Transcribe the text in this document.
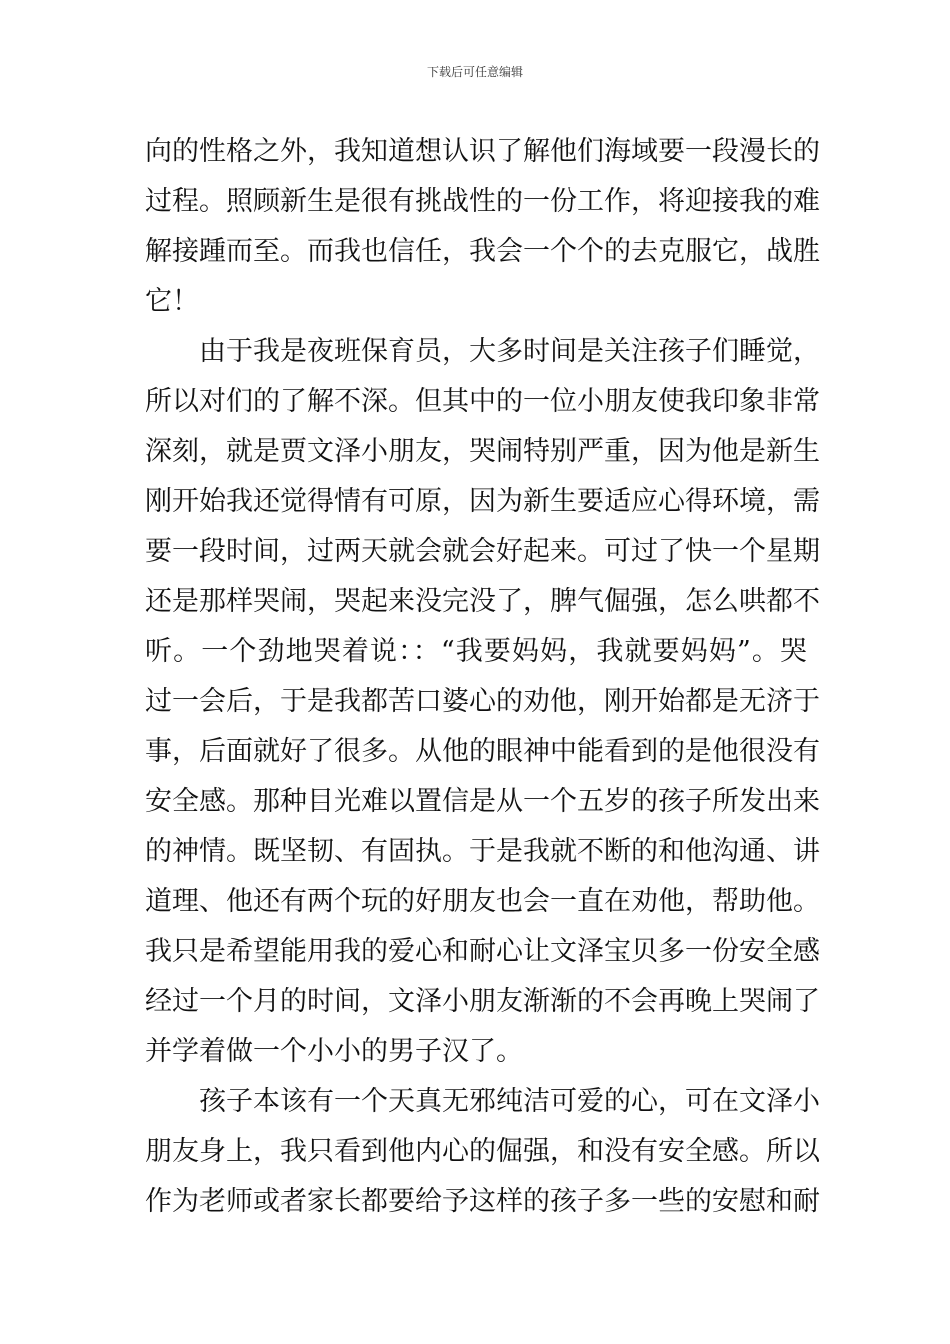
下载后可任意编辑
向的性格之外，我知道想认识了解他们海域要一段漫长的
过程。照顾新生是很有挑战性的一份工作，将迎接我的难
解接踵而至。而我也信任，我会一个个的去克服它，战胜
它！
由于我是夜班保育员，大多时间是关注孩子们睡觉，
所以对们的了解不深。但其中的一位小朋友使我印象非常
深刻，就是贾文泽小朋友，哭闹特别严重，因为他是新生
刚开始我还觉得情有可原，因为新生要适应心得环境，需
要一段时间，过两天就会就会好起来。可过了快一个星期
还是那样哭闹，哭起来没完没了，脾气倔强，怎么哄都不
听。一个劲地哭着说：：“我要妈妈，我就要妈妈”。哭
过一会后，于是我都苦口婆心的劝他，刚开始都是无济于
事，后面就好了很多。从他的眼神中能看到的是他很没有
安全感。那种目光难以置信是从一个五岁的孩子所发出来
的神情。既坚韧、有固执。于是我就不断的和他沟通、讲
道理、他还有两个玩的好朋友也会一直在劝他，帮助他。
我只是希望能用我的爱心和耐心让文泽宝贝多一份安全感
经过一个月的时间，文泽小朋友渐渐的不会再晚上哭闹了
并学着做一个小小的男子汉了。
孩子本该有一个天真无邪纯洁可爱的心，可在文泽小
朋友身上，我只看到他内心的倔强，和没有安全感。所以
作为老师或者家长都要给予这样的孩子多一些的安慰和耐
